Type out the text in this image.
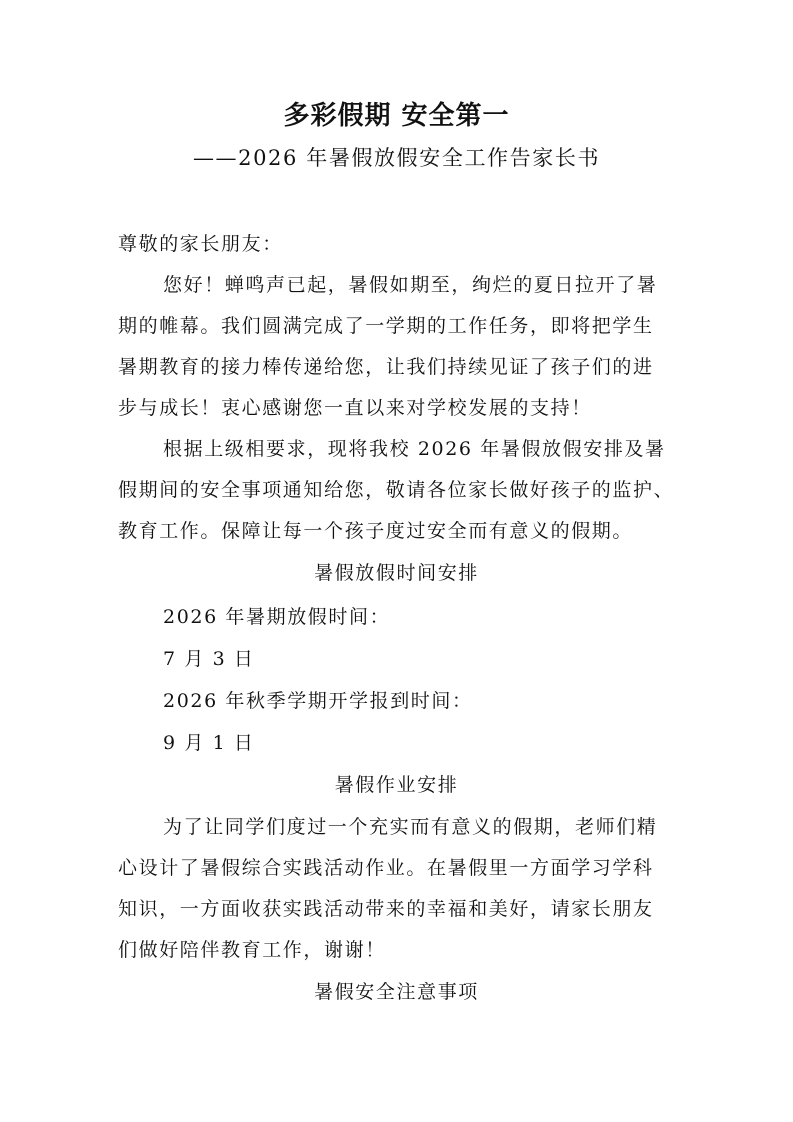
多彩假期 安全第一
——2026 年暑假放假安全工作告家长书
尊敬的家长朋友：
您好！蝉鸣声已起，暑假如期至，绚烂的夏日拉开了暑
期的帷幕。我们圆满完成了一学期的工作任务，即将把学生
暑期教育的接力棒传递给您，让我们持续见证了孩子们的进
步与成长！衷心感谢您一直以来对学校发展的支持！
根据上级相要求，现将我校 2026 年暑假放假安排及暑
假期间的安全事项通知给您，敬请各位家长做好孩子的监护、
教育工作。保障让每一个孩子度过安全而有意义的假期。
暑假放假时间安排
2026 年暑期放假时间：
7 月 3 日
2026 年秋季学期开学报到时间：
9 月 1 日
暑假作业安排
为了让同学们度过一个充实而有意义的假期，老师们精
心设计了暑假综合实践活动作业。在暑假里一方面学习学科
知识，一方面收获实践活动带来的幸福和美好，请家长朋友
们做好陪伴教育工作，谢谢！
暑假安全注意事项
